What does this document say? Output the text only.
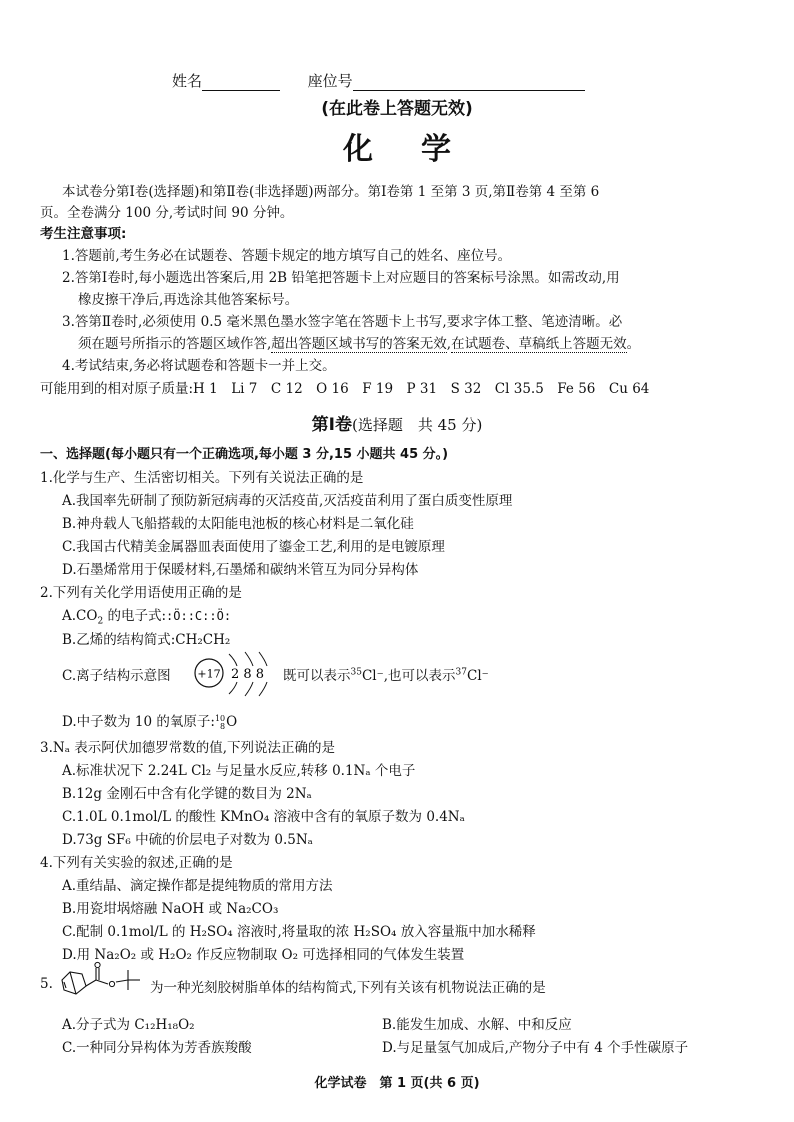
姓名	座位号
(在此卷上答题无效)
化学
本试卷分第Ⅰ卷(选择题)和第Ⅱ卷(非选择题)两部分。第Ⅰ卷第 1 至第 3 页,第Ⅱ卷第 4 至第 6
页。全卷满分 100 分,考试时间 90 分钟。
考生注意事项:
1.答题前,考生务必在试题卷、答题卡规定的地方填写自己的姓名、座位号。
2.答第Ⅰ卷时,每小题选出答案后,用 2B 铅笔把答题卡上对应题目的答案标号涂黑。如需改动,用
橡皮擦干净后,再选涂其他答案标号。
3.答第Ⅱ卷时,必须使用 0.5 毫米黑色墨水签字笔在答题卡上书写,要求字体工整、笔迹清晰。必
须在题号所指示的答题区域作答,超出答题区域书写的答案无效,在试题卷、草稿纸上答题无效。
4.考试结束,务必将试题卷和答题卡一并上交。
可能用到的相对原子质量:H 1　Li 7　C 12　O 16　F 19　P 31　S 32　Cl 35.5　Fe 56　Cu 64
第Ⅰ卷(选择题　共 45 分)
一、选择题(每小题只有一个正确选项,每小题 3 分,15 小题共 45 分。)
1.化学与生产、生活密切相关。下列有关说法正确的是
A.我国率先研制了预防新冠病毒的灭活疫苗,灭活疫苗利用了蛋白质变性原理
B.神舟载人飞船搭载的太阳能电池板的核心材料是二氧化硅
C.我国古代精美金属器皿表面使用了鎏金工艺,利用的是电镀原理
D.石墨烯常用于保暖材料,石墨烯和碳纳米管互为同分异构体
2.下列有关化学用语使用正确的是
$A.CO_2$ 的电子式::Ö::C::Ö:
B.乙烯的结构简式:CH₂CH₂
C.离子结构示意图 +17 2 8 8 既可以表示$^{35}$Cl⁻,也可以表示$^{37}$Cl⁻
D.中子数为 10 的氧原子:10
8O
3.Nₐ 表示阿伏加德罗常数的值,下列说法正确的是
A.标准状况下 2.24L Cl₂ 与足量水反应,转移 0.1Nₐ 个电子
B.12g 金刚石中含有化学键的数目为 2Nₐ
C.1.0L 0.1mol/L 的酸性 KMnO₄ 溶液中含有的氧原子数为 0.4Nₐ
D.73g SF₆ 中硫的价层电子对数为 0.5Nₐ
4.下列有关实验的叙述,正确的是
A.重结晶、滴定操作都是提纯物质的常用方法
B.用瓷坩埚熔融 NaOH 或 Na₂CO₃
C.配制 0.1mol/L 的 H₂SO₄ 溶液时,将量取的浓 H₂SO₄ 放入容量瓶中加水稀释
D.用 Na₂O₂ 或 H₂O₂ 作反应物制取 O₂ 可选择相同的气体发生装置
5.	为一种光刻胶树脂单体的结构简式,下列有关该有机物说法正确的是
A.分子式为 C₁₂H₁₈O₂	B.能发生加成、水解、中和反应
C.一种同分异构体为芳香族羧酸	D.与足量氢气加成后,产物分子中有 4 个手性碳原子
化学试卷　第 1 页(共 6 页)
